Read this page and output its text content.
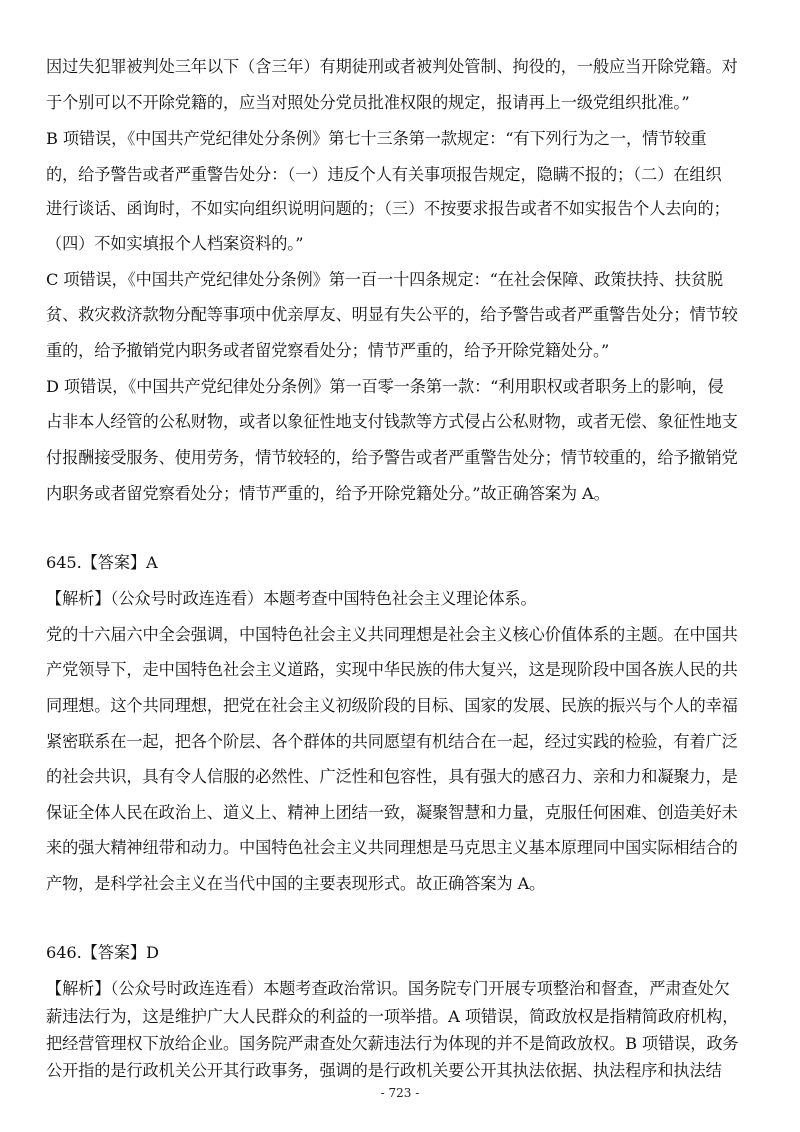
因过失犯罪被判处三年以下（含三年）有期徒刑或者被判处管制、拘役的，一般应当开除党籍。对
于个别可以不开除党籍的，应当对照处分党员批准权限的规定，报请再上一级党组织批准。”
B 项错误，《中国共产党纪律处分条例》第七十三条第一款规定：“有下列行为之一，情节较重
的，给予警告或者严重警告处分：（一）违反个人有关事项报告规定，隐瞒不报的；（二）在组织
进行谈话、函询时，不如实向组织说明问题的；（三）不按要求报告或者不如实报告个人去向的；
（四）不如实填报个人档案资料的。”
C 项错误，《中国共产党纪律处分条例》第一百一十四条规定：“在社会保障、政策扶持、扶贫脱
贫、救灾救济款物分配等事项中优亲厚友、明显有失公平的，给予警告或者严重警告处分；情节较
重的，给予撤销党内职务或者留党察看处分；情节严重的，给予开除党籍处分。”
D 项错误，《中国共产党纪律处分条例》第一百零一条第一款：“利用职权或者职务上的影响，侵
占非本人经管的公私财物，或者以象征性地支付钱款等方式侵占公私财物，或者无偿、象征性地支
付报酬接受服务、使用劳务，情节较轻的，给予警告或者严重警告处分；情节较重的，给予撤销党
内职务或者留党察看处分；情节严重的，给予开除党籍处分。”故正确答案为 A。
645.【答案】A
【解析】（公众号时政连连看）本题考查中国特色社会主义理论体系。
党的十六届六中全会强调，中国特色社会主义共同理想是社会主义核心价值体系的主题。在中国共
产党领导下，走中国特色社会主义道路，实现中华民族的伟大复兴，这是现阶段中国各族人民的共
同理想。这个共同理想，把党在社会主义初级阶段的目标、国家的发展、民族的振兴与个人的幸福
紧密联系在一起，把各个阶层、各个群体的共同愿望有机结合在一起，经过实践的检验，有着广泛
的社会共识，具有令人信服的必然性、广泛性和包容性，具有强大的感召力、亲和力和凝聚力，是
保证全体人民在政治上、道义上、精神上团结一致，凝聚智慧和力量，克服任何困难、创造美好未
来的强大精神纽带和动力。中国特色社会主义共同理想是马克思主义基本原理同中国实际相结合的
产物，是科学社会主义在当代中国的主要表现形式。故正确答案为 A。
646.【答案】D
【解析】（公众号时政连连看）本题考查政治常识。国务院专门开展专项整治和督查，严肃查处欠
薪违法行为，这是维护广大人民群众的利益的一项举措。A 项错误，简政放权是指精简政府机构，
把经营管理权下放给企业。国务院严肃查处欠薪违法行为体现的并不是简政放权。B 项错误，政务
- 723 -
公开指的是行政机关公开其行政事务，强调的是行政机关要公开其执法依据、执法程序和执法结
